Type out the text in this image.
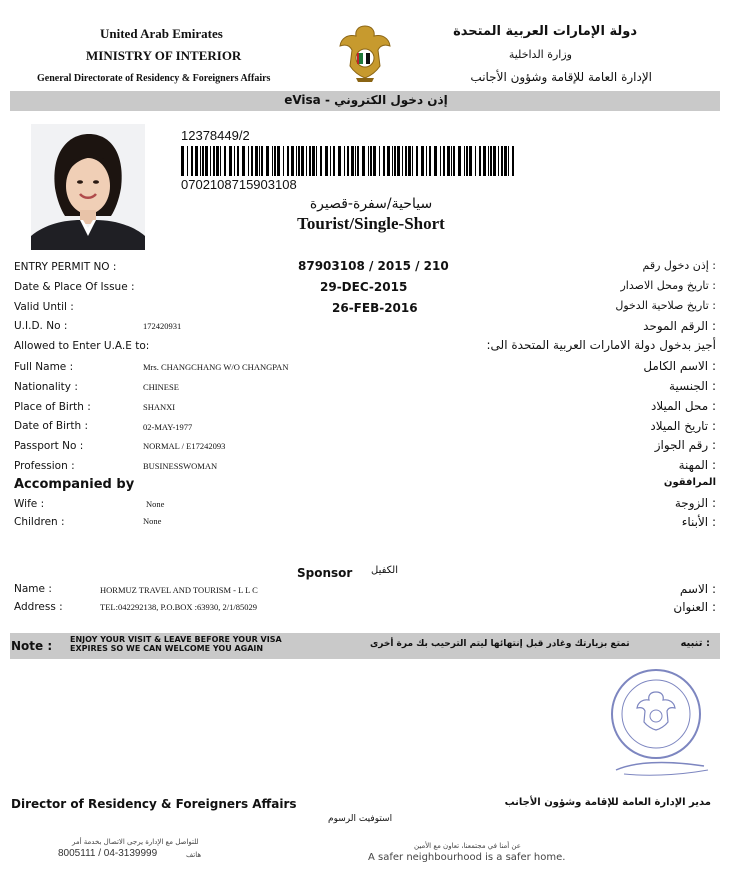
United Arab Emirates
MINISTRY OF INTERIOR
General Directorate of Residency & Foreigners Affairs
دولة الإمارات العربية المتحدة
وزارة الداخلية
الإدارة العامة للإقامة وشؤون الأجانب
eVisa - إذن دخول الكتروني
12378449/2
0702108715903108
سياحية/سفرة-قصيرة
Tourist/Single-Short
ENTRY PERMIT NO :	87903108 / 2015 / 210	: إذن دخول رقم
Date & Place Of Issue :	29-DEC-2015	: تاريخ ومحل الاصدار
Valid Until :	26-FEB-2016	: تاريخ صلاحية الدخول
U.I.D. No :	172420931	: الرقم الموحد
Allowed to Enter U.A.E to:	أجيز بدخول دولة الامارات العربية المتحدة الى:
Full Name :	Mrs. CHANGCHANG W/O CHANGPAN	: الاسم الكامل
Nationality :	CHINESE	: الجنسية
Place of Birth :	SHANXI	: محل الميلاد
Date of Birth :	02-MAY-1977	: تاريخ الميلاد
Passport No :	NORMAL / E17242093	: رقم الجواز
Profession :	BUSINESSWOMAN	: المهنة
Accompanied by	المرافقون
Wife :	None	: الزوجة
Children :	None	: الأبناء
Sponsor الكفيل
Name :	HORMUZ TRAVEL AND TOURISM - L L C	: الاسم
Address :	TEL:042292138, P.O.BOX :63930, 2/1/85029	: العنوان
Note : ENJOY YOUR VISIT & LEAVE BEFORE YOUR VISA
EXPIRES SO WE CAN WELCOME YOU AGAIN	تمتع بزيارتك وغادر قبل إنتهائها ليتم الترحيب بك مرة أخرى	: تنبيه
Director of Residency & Foreigners Affairs	مدير الإدارة العامة للإقامة وشؤون الأجانب
استوفيت الرسوم
للتواصل مع الإدارة يرجى الاتصال بخدمة أمر
هاتف
8005111 / 04-3139999
عن أمنا في مجتمعنا، تعاون مع الأمين
A safer neighbourhood is a safer home.
